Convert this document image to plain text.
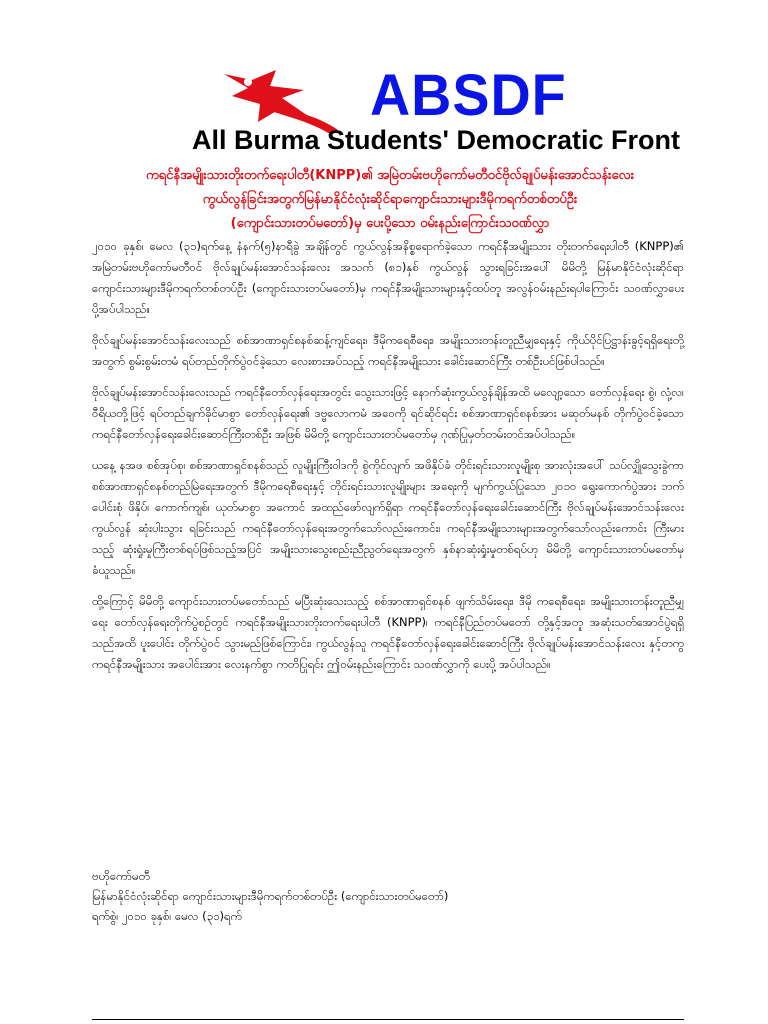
ABSDF
All Burma Students' Democratic Front
ကရင်နီအမျိုးသားတိုးတက်ရေးပါတီ(KNPP)၏ အမြဲတမ်းဗဟိုကော်မတီဝင်ဗိုလ်ချုပ်မန်းအောင်သန်းလေး
ကွယ်လွန်ခြင်းအတွက်မြန်မာနိုင်ငံလုံးဆိုင်ရာကျောင်းသားများဒီမိုကရက်တစ်တပ်ဦး
(ကျောင်းသားတပ်မတော်)မှ ပေးပို့သော ဝမ်းနည်းကြောင်းသဝဏ်လွှာ

၂၀၁၀ ခုနှစ်၊ မေလ (၃၁)ရက်နေ့ နံနက်(၅)နာရီခွဲ အချိန်တွင် ကွယ်လွန်အနိစ္စရောက်ခဲ့သော ကရင်နီအမျိုးသား တိုးတက်ရေးပါတီ (KNPP)၏ အမြဲတမ်းဗဟိုကော်မတီဝင် ဗိုလ်ချုပ်မန်းအောင်သန်းလေး အသက် (၈၁)နှစ် ကွယ်လွန် သွားရခြင်းအပေါ် မိမိတို့ မြန်မာနိုင်ငံလုံးဆိုင်ရာ ကျောင်းသားများဒီမိုကရက်တစ်တပ်ဦး (ကျောင်းသားတပ်မတော်)မှ ကရင်နီအမျိုးသားများနှင့်ထပ်တူ အလွန်ဝမ်းနည်းရပါကြောင်း သဝဏ်လွှာပေးပို့အပ်ပါသည်။

ဗိုလ်ချုပ်မန်းအောင်သန်းလေးသည် စစ်အာဏာရှင်စနစ်ဆန့်ကျင်ရေး၊ ဒီမိုကရေစီရေး၊ အမျိုးသားတန်းတူညီမျှရေးနှင့် ကိုယ်ပိုင်ပြဋ္ဌာန်းခွင့်ရရှိရေးတို့အတွက် စွမ်းစွမ်းတမံ ရပ်တည်တိုက်ပွဲဝင်ခဲ့သော လေးစားအပ်သည့် ကရင်နီအမျိုးသား ခေါင်းဆောင်ကြီး တစ်ဦးပင်ဖြစ်ပါသည်။

ဗိုလ်ချုပ်မန်းအောင်သန်းလေးသည် ကရင်နီတော်လှန်ရေးအတွင်း သွေးသားဖြင့် နောက်ဆုံးကွယ်လွန်ချိန်အထိ မလျော့သော တော်လှန်ရေး စွဲ၊ လုံ့လ၊ ဝီရိယတို့ဖြင့် ရပ်တည်ချက်ခိုင်မာစွာ တော်လှန်ရေး၏ ဒဗ္ဗလောကမံ အဝေကို ရင်ဆိုင်ရင်း စစ်အာဏာရှင်စနစ်အား မဆုတ်မနစ် တိုက်ပွဲဝင်ခဲ့သော ကရင်နီတော်လှန်ရေးခေါင်းဆောင်ကြီးတစ်ဦး အဖြစ် မိမိတို့ ကျောင်းသားတပ်မတော်မှ ဂုဏ်ပြုမှတ်တမ်းတင်အပ်ပါသည်။

ယနေ့ နအဖ စစ်အုပ်စု၊ စစ်အာဏာရှင်စနစ်သည် လူမျိုးကြီးဝါဒကို စွဲကိုင်လျက် အဖိနှိပ်ခံ တိုင်းရင်းသားလူမျိုးစု အားလုံးအပေါ် သပ်လျှိုသွေးခွဲကာ စစ်အာဏာရှင်စနစ်တည်မြဲရေးအတွက် ဒီမိုကရေစီရေးနှင့် တိုင်းရင်းသားလူမျိုးများ အရေးကို မျက်ကွယ်ပြုသော ၂၀၁၀ ရွေးကောက်ပွဲအား ဘက်ပေါင်းစုံ ဖိနှိပ်၊ ကောက်ကျစ်၊ ယုတ်မာစွာ အကောင် အထည်ဖော်လျက်ရှိရာ ကရင်နီတော်လှန်ရေးခေါင်းဆောင်ကြီး ဗိုလ်ချုပ်မန်းအောင်သန်းလေး ကွယ်လွန် ဆုံးပါးသွား ရခြင်းသည် ကရင်နီတော်လှန်ရေးအတွက်သော်လည်းကောင်း၊ ကရင်နီအမျိုးသားများအတွက်သော်လည်းကောင်း ကြီးမားသည့် ဆုံးရှုံးမှုကြီးတစ်ရပ်ဖြစ်သည့်အပြင် အမျိုးသားသွေးစည်းညီညွတ်ရေးအတွက် နှစ်နာဆုံးရှုံးမှုတစ်ရပ်ဟု မိမိတို့ ကျောင်းသားတပ်မတော်မှ ခံယူသည်။

ထို့ကြောင့် မိမိတို့ ကျောင်းသားတပ်မတော်သည် မပြီးဆုံးသေးသည့် စစ်အာဏာရှင်စနစ် ဖျက်သိမ်းရေး၊ ဒီမို ကရေစီရေး၊ အမျိုးသားတန်းတူညီမျှရေး တော်လှန်ရေးတိုက်ပွဲစဉ်တွင် ကရင်နီအမျိုးသားတိုးတက်ရေးပါတီ (KNPP)၊ ကရင်နီပြည်တပ်မတော် တို့နှင့်အတူ အဆုံးသတ်အောင်ပွဲရရှိသည်အထိ ပူးပေါင်း တိုက်ပွဲဝင် သွားမည်ဖြစ်ကြောင်း၊ ကွယ်လွန်သူ ကရင်နီတော်လှန်ရေးခေါင်းဆောင်ကြီး ဗိုလ်ချုပ်မန်းအောင်သန်းလေး နှင့်တကွ ကရင်နီအမျိုးသား အပေါင်းအား လေးနက်စွာ ကတိပြုရင်း ဤဝမ်းနည်းကြောင်း သဝဏ်လွှာကို ပေးပို့ အပ်ပါသည်။

ဗဟိုကော်မတီ
မြန်မာနိုင်ငံလုံးဆိုင်ရာ ကျောင်းသားများဒီမိုကရက်တစ်တပ်ဦး (ကျောင်းသားတပ်မတော်)
ရက်စွဲ၊ ၂၀၁၀ ခုနှစ်၊ မေလ (၃၁)ရက်
